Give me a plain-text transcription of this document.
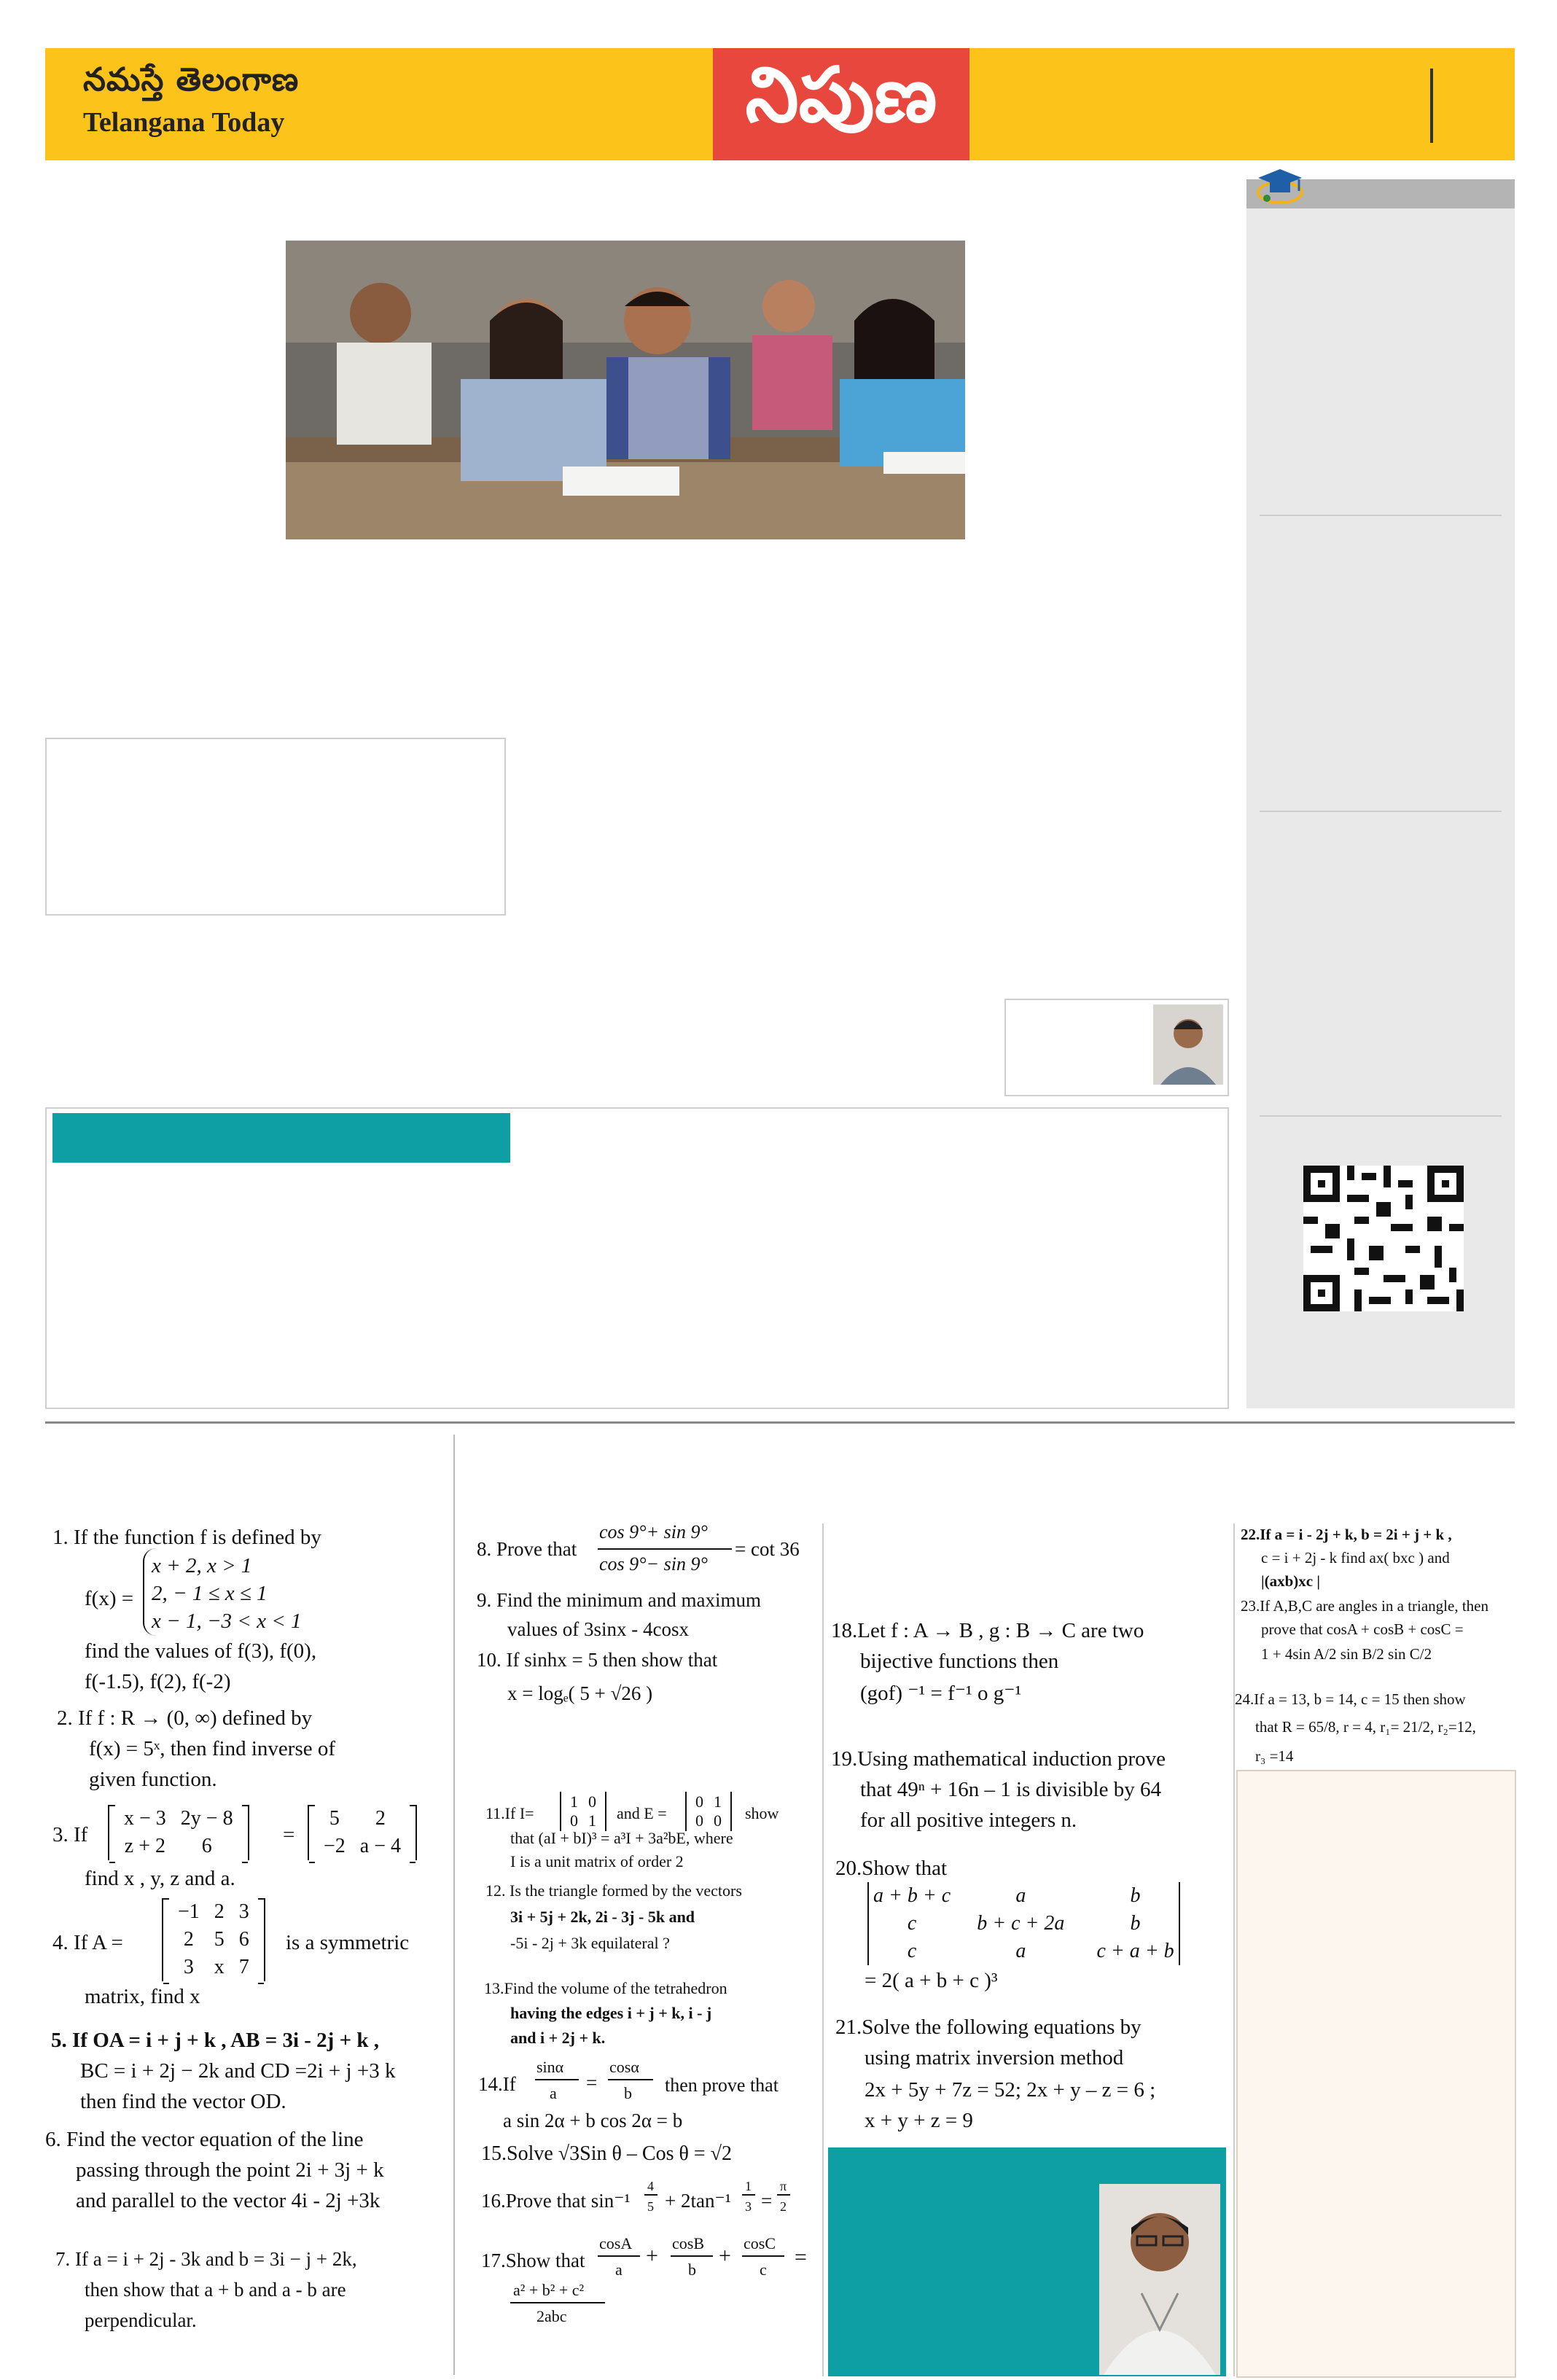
నమస్తే తెలంగాణ
Telangana Today	నిపుణ
1. If the function f is defined by
f(x) =
x + 2, x > 1
2, − 1 ≤ x ≤ 1
x − 1, −3 < x < 1
find the values of f(3), f(0),
f(-1.5), f(2), f(-2)
2. If f : R → (0, ∞) defined by
f(x) = 5ˣ, then find inverse of
given function.
3. If
x − 3	2y − 8
z + 2	6	=
5	2
−2	a − 4
find x , y, z and a.
4. If A =
−1	2	3
2	5	6
3	x	7
is a symmetric
matrix, find x
5. If OA = i + j + k , AB = 3i - 2j + k ,
BC = i + 2j − 2k and CD =2i + j +3 k
then find the vector OD.
6. Find the vector equation of the line
passing through the point 2i + 3j + k
and parallel to the vector 4i - 2j +3k
7. If a = i + 2j - 3k and b = 3i − j + 2k,
then show that a + b and a - b are
perpendicular.
8. Prove that
cos 9°+ sin 9°
cos 9°− sin 9°
= cot 36
9. Find the minimum and maximum
values of 3sinx - 4cosx
10. If sinhx = 5 then show that
x = logₑ( 5 + √26 )
11.If I=
1	0
0	1 and E =
0	1
0	0 show
that (aI + bI)³ = a³I + 3a²bE, where
I is a unit matrix of order 2
12. Is the triangle formed by the vectors
3i + 5j + 2k, 2i - 3j - 5k and
-5i - 2j + 3k equilateral ?
13.Find the volume of the tetrahedron
having the edges i + j + k, i - j
and i + 2j + k.
14.If
sinα
a =
cosα
b then prove that
a sin 2α + b cos 2α = b
15.Solve √3Sin θ – Cos θ = √2
16.Prove that sin⁻¹
4
5 + 2tan⁻¹
1
3 =
π
2
17.Show that
cosA
a
+
cosB
b
+
cosC
c
=
a² + b² + c²
2abc
18.Let f : A → B , g : B → C are two
bijective functions then
(gof) ⁻¹ = f⁻¹ o g⁻¹
19.Using mathematical induction prove
that 49ⁿ + 16n – 1 is divisible by 64
for all positive integers n.
20.Show that
a + b + c	a	b
c	b + c + 2a	b
c	a	c + a + b
= 2( a + b + c )³
21.Solve the following equations by
using matrix inversion method
2x + 5y + 7z = 52; 2x + y – z = 6 ;
x + y + z = 9
22.If a = i - 2j + k, b = 2i + j + k ,
c = i + 2j - k find ax( bxc ) and
|(axb)xc |
23.If A,B,C are angles in a triangle, then
prove that cosA + cosB + cosC =
1 + 4sin A/2 sin B/2 sin C/2
24.If a = 13, b = 14, c = 15 then show
that R = 65/8, r = 4, r₁= 21/2, r₂=12,
r₃ =14
